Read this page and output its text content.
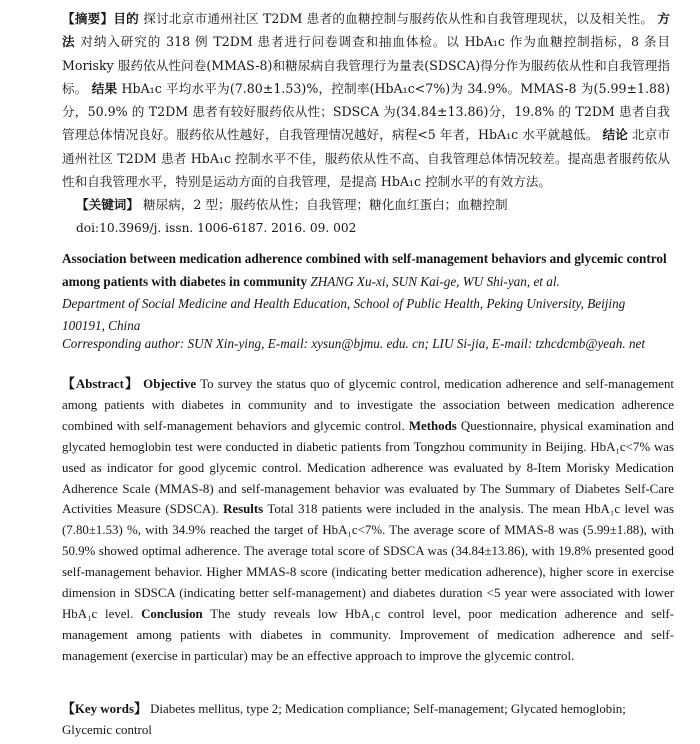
【摘要】目的 探讨北京市通州社区 T2DM 患者的血糖控制与服药依从性和自我管理现状，以及相关性。 方法 对纳入研究的 318 例 T2DM 患者进行问卷调查和抽血体检。以 HbA₁c 作为血糖控制指标，8 条目 Morisky 服药依从性问卷(MMAS-8)和糖尿病自我管理行为量表(SDSCA)得分作为服药依从性和自我管理指标。 结果 HbA₁c 平均水平为(7.80±1.53)%，控制率(HbA₁c<7%)为 34.9%。MMAS-8 为(5.99±1.88)分，50.9% 的 T2DM 患者有较好服药依从性；SDSCA 为(34.84±13.86)分，19.8% 的 T2DM 患者自我管理总体情况良好。服药依从性越好，自我管理情况越好，病程<5 年者，HbA₁c 水平就越低。 结论 北京市通州社区 T2DM 患者 HbA₁c 控制水平不佳，服药依从性不高、自我管理总体情况较差。提高患者服药依从性和自我管理水平，特别是运动方面的自我管理，是提高 HbA₁c 控制水平的有效方法。
【关键词】 糖尿病，2 型；服药依从性；自我管理；糖化血红蛋白；血糖控制
doi:10.3969/j. issn. 1006-6187. 2016. 09. 002
Association between medication adherence combined with self-management behaviors and glycemic control among patients with diabetes in community ZHANG Xu-xi, SUN Kai-ge, WU Shi-yan, et al.
Department of Social Medicine and Health Education, School of Public Health, Peking University, Beijing 100191, China
Corresponding author: SUN Xin-ying, E-mail: xysun@bjmu. edu. cn; LIU Si-jia, E-mail: tzhcdcmb@yeah. net
【Abstract】 Objective To survey the status quo of glycemic control, medication adherence and self-management among patients with diabetes in community and to investigate the association between medication adherence combined with self-management behaviors and glycemic control. Methods Questionnaire, physical examination and glycated hemoglobin test were conducted in diabetic patients from Tongzhou community in Beijing. HbA₁c<7% was used as indicator for good glycemic control. Medication adherence was evaluated by 8-Item Morisky Medication Adherence Scale (MMAS-8) and self-management behavior was evaluated by The Summary of Diabetes Self-Care Activities Measure (SDSCA). Results Total 318 patients were included in the analysis. The mean HbA₁c level was (7.80±1.53) %, with 34.9% reached the target of HbA₁c<7%. The average score of MMAS-8 was (5.99±1.88), with 50.9% showed optimal adherence. The average total score of SDSCA was (34.84±13.86), with 19.8% presented good self-management behavior. Higher MMAS-8 score (indicating better medication adherence), higher score in exercise dimension in SDSCA (indicating better self-management) and diabetes duration <5 year were associated with lower HbA₁c level. Conclusion The study reveals low HbA₁c control level, poor medication adherence and self-management among patients with diabetes in community. Improvement of medication adherence and self-management (exercise in particular) may be an effective approach to improve the glycemic control.
【Key words】 Diabetes mellitus, type 2; Medication compliance; Self-management; Glycated hemoglobin; Glycemic control
